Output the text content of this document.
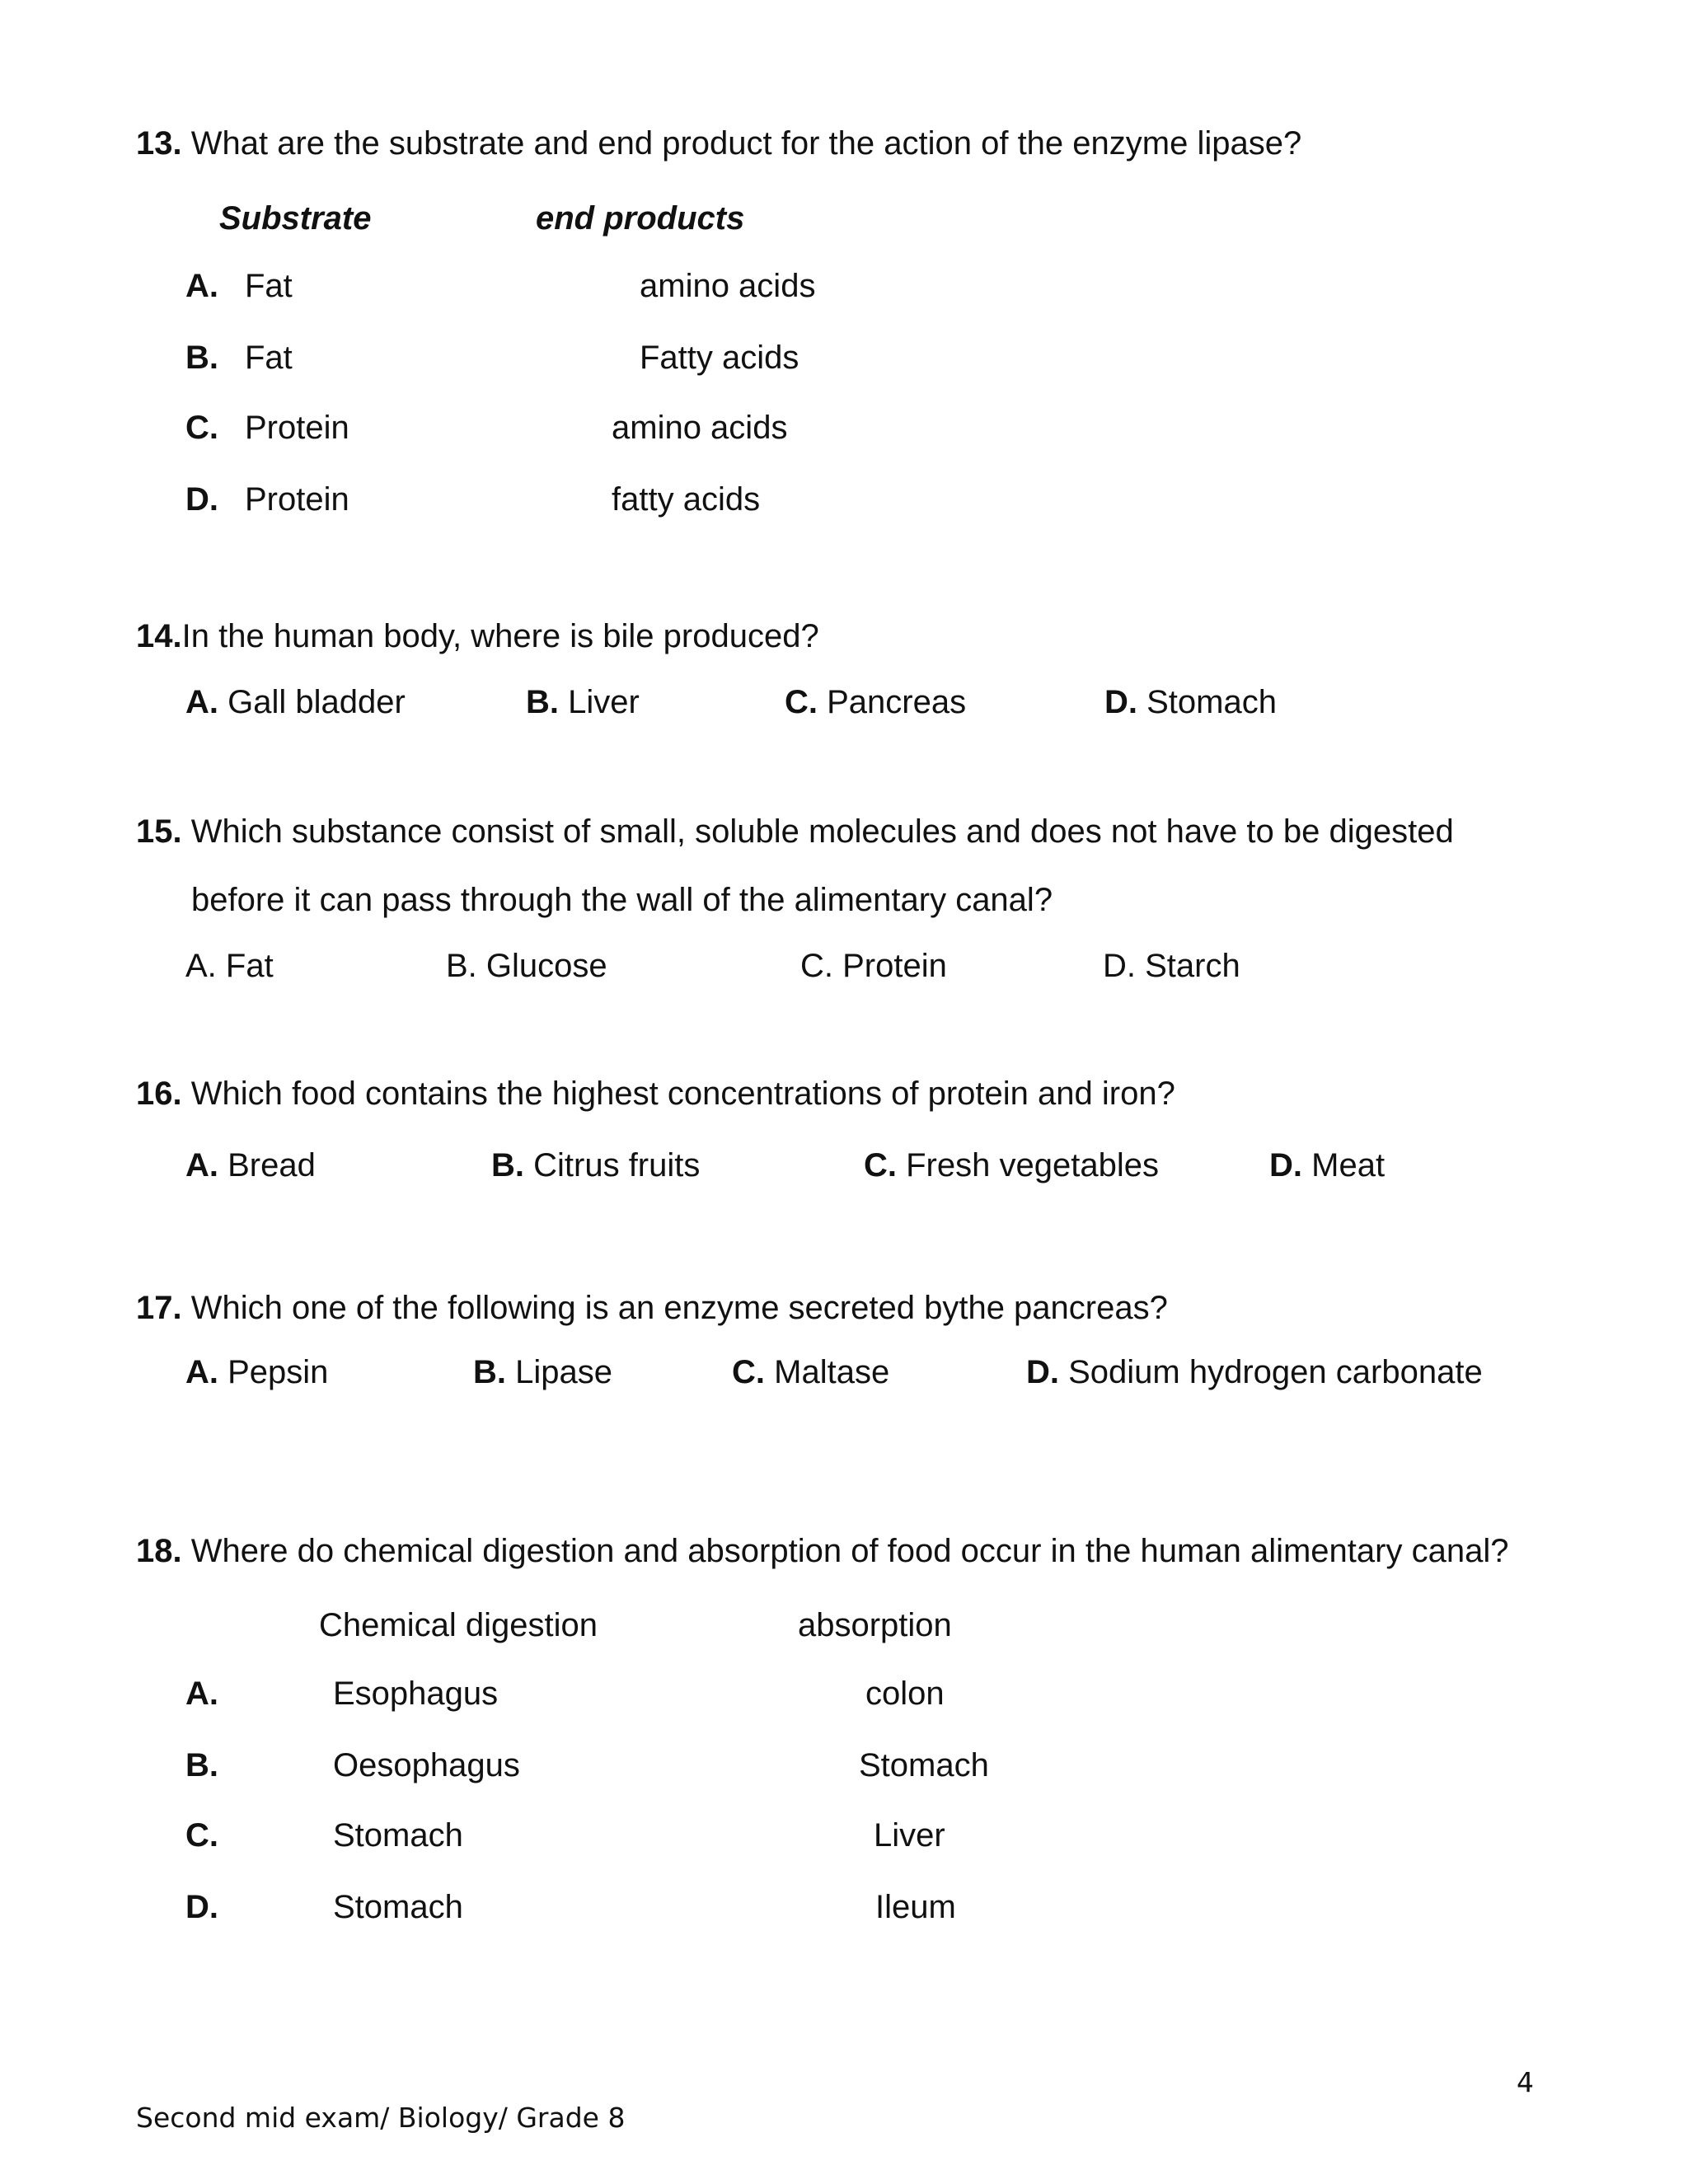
13. What are the substrate and end product for the action of the enzyme lipase?
Substrate	end products
A. Fat	amino acids
B. Fat	Fatty acids
C. Protein	amino acids
D. Protein	fatty acids
14.In the human body, where is bile produced?
A. Gall bladder	B. Liver	C. Pancreas	D. Stomach
15. Which substance consist of small, soluble molecules and does not have to be digested
before it can pass through the wall of the alimentary canal?
A. Fat	B. Glucose	C. Protein	D. Starch
16. Which food contains the highest concentrations of protein and iron?
A. Bread	B. Citrus fruits	C. Fresh vegetables	D. Meat
17. Which one of the following is an enzyme secreted bythe pancreas?
A. Pepsin	B. Lipase	C. Maltase	D. Sodium hydrogen carbonate
18. Where do chemical digestion and absorption of food occur in the human alimentary canal?
Chemical digestion	absorption
A.	Esophagus	colon
B.	Oesophagus	Stomach
C.	Stomach	Liver
D.	Stomach	Ileum
4
Second mid exam/ Biology/ Grade 8
